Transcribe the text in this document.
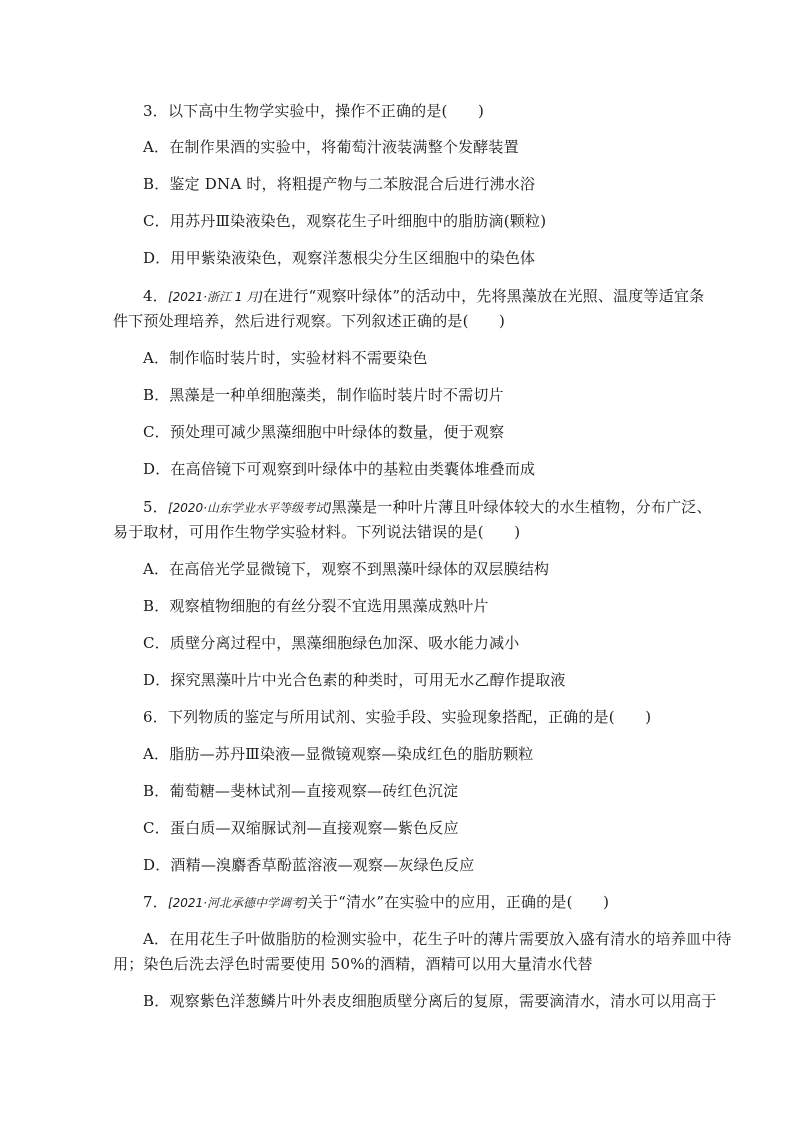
3．以下高中生物学实验中，操作不正确的是(　　)
A．在制作果酒的实验中，将葡萄汁液装满整个发酵装置
B．鉴定 DNA 时，将粗提产物与二苯胺混合后进行沸水浴
C．用苏丹Ⅲ染液染色，观察花生子叶细胞中的脂肪滴(颗粒)
D．用甲紫染液染色，观察洋葱根尖分生区细胞中的染色体
4．[2021·浙江 1 月]在进行“观察叶绿体”的活动中，先将黑藻放在光照、温度等适宜条
件下预处理培养，然后进行观察。下列叙述正确的是(　　)
A．制作临时装片时，实验材料不需要染色
B．黑藻是一种单细胞藻类，制作临时装片时不需切片
C．预处理可减少黑藻细胞中叶绿体的数量，便于观察
D．在高倍镜下可观察到叶绿体中的基粒由类囊体堆叠而成
5．[2020·山东学业水平等级考试]黑藻是一种叶片薄且叶绿体较大的水生植物，分布广泛、
易于取材，可用作生物学实验材料。下列说法错误的是(　　)
A．在高倍光学显微镜下，观察不到黑藻叶绿体的双层膜结构
B．观察植物细胞的有丝分裂不宜选用黑藻成熟叶片
C．质壁分离过程中，黑藻细胞绿色加深、吸水能力减小
D．探究黑藻叶片中光合色素的种类时，可用无水乙醇作提取液
6．下列物质的鉴定与所用试剂、实验手段、实验现象搭配，正确的是(　　)
A．脂肪—苏丹Ⅲ染液—显微镜观察—染成红色的脂肪颗粒
B．葡萄糖—斐林试剂—直接观察—砖红色沉淀
C．蛋白质—双缩脲试剂—直接观察—紫色反应
D．酒精—溴麝香草酚蓝溶液—观察—灰绿色反应
7．[2021·河北承德中学调考]关于“清水”在实验中的应用，正确的是(　　)
A．在用花生子叶做脂肪的检测实验中，花生子叶的薄片需要放入盛有清水的培养皿中待
用；染色后洗去浮色时需要使用 50%的酒精，酒精可以用大量清水代替
B．观察紫色洋葱鳞片叶外表皮细胞质壁分离后的复原，需要滴清水，清水可以用高于
